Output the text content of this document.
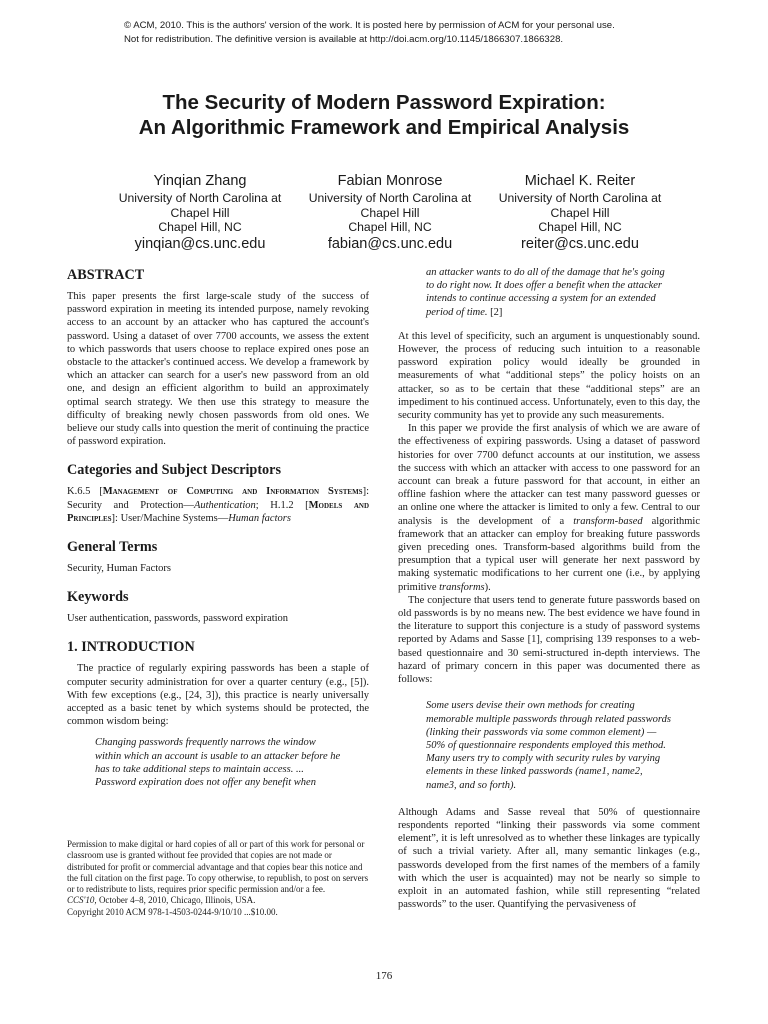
© ACM, 2010. This is the authors' version of the work. It is posted here by permission of ACM for your personal use.
Not for redistribution. The definitive version is available at http://doi.acm.org/10.1145/1866307.1866328.
The Security of Modern Password Expiration:
An Algorithmic Framework and Empirical Analysis
Yinqian Zhang
University of North Carolina at
Chapel Hill
Chapel Hill, NC
yinqian@cs.unc.edu
Fabian Monrose
University of North Carolina at
Chapel Hill
Chapel Hill, NC
fabian@cs.unc.edu
Michael K. Reiter
University of North Carolina at
Chapel Hill
Chapel Hill, NC
reiter@cs.unc.edu
ABSTRACT

This paper presents the first large-scale study of the success of password expiration in meeting its intended purpose, namely revoking access to an account by an attacker who has captured the account's password. Using a dataset of over 7700 accounts, we assess the extent to which passwords that users choose to replace expired ones pose an obstacle to the attacker's continued access. We develop a framework by which an attacker can search for a user's new password from an old one, and design an efficient algorithm to build an approximately optimal search strategy. We then use this strategy to measure the difficulty of breaking newly chosen passwords from old ones. We believe our study calls into question the merit of continuing the practice of password expiration.

Categories and Subject Descriptors

K.6.5 [Management of Computing and Information Systems]: Security and Protection—Authentication; H.1.2 [Models and Principles]: User/Machine Systems—Human factors

General Terms

Security, Human Factors

Keywords

User authentication, passwords, password expiration

1. INTRODUCTION

The practice of regularly expiring passwords has been a staple of computer security administration for over a quarter century (e.g., [5]). With few exceptions (e.g., [24, 3]), this practice is nearly universally accepted as a basic tenet by which systems should be protected, the common wisdom being:

Changing passwords frequently narrows the window within which an account is usable to an attacker before he has to take additional steps to maintain access. ... Password expiration does not offer any benefit when
Permission to make digital or hard copies of all or part of this work for personal or classroom use is granted without fee provided that copies are not made or distributed for profit or commercial advantage and that copies bear this notice and the full citation on the first page. To copy otherwise, to republish, to post on servers or to redistribute to lists, requires prior specific permission and/or a fee.
CCS'10, October 4–8, 2010, Chicago, Illinois, USA.
Copyright 2010 ACM 978-1-4503-0244-9/10/10 ...$10.00.
an attacker wants to do all of the damage that he's going to do right now. It does offer a benefit when the attacker intends to continue accessing a system for an extended period of time. [2]

At this level of specificity, such an argument is unquestionably sound. However, the process of reducing such intuition to a reasonable password expiration policy would ideally be grounded in measurements of what “additional steps” the policy hoists on an attacker, so as to be certain that these “additional steps” are an impediment to his continued access. Unfortunately, even to this day, the security community has yet to provide any such measurements.

In this paper we provide the first analysis of which we are aware of the effectiveness of expiring passwords. Using a dataset of password histories for over 7700 defunct accounts at our institution, we assess the success with which an attacker with access to one password for an account can break a future password for that account, in either an offline fashion where the attacker can test many password guesses or an online one where the attacker is limited to only a few. Central to our analysis is the development of a transform-based algorithmic framework that an attacker can employ for breaking future passwords given preceding ones. Transform-based algorithms build from the presumption that a typical user will generate her next password by making systematic modifications to her current one (i.e., by applying primitive transforms).

The conjecture that users tend to generate future passwords based on old passwords is by no means new. The best evidence we have found in the literature to support this conjecture is a study of password systems reported by Adams and Sasse [1], comprising 139 responses to a web-based questionnaire and 30 semi-structured in-depth interviews. The hazard of primary concern in this paper was documented there as follows:

Some users devise their own methods for creating memorable multiple passwords through related passwords (linking their passwords via some common element) — 50% of questionnaire respondents employed this method. Many users try to comply with security rules by varying elements in these linked passwords (name1, name2, name3, and so forth).

Although Adams and Sasse reveal that 50% of questionnaire respondents reported “linking their passwords via some comment element”, it is left unresolved as to whether these linkages are typically of such a trivial variety. After all, many semantic linkages (e.g., passwords developed from the first names of the members of a family with which the user is acquainted) may not be nearly so simple to exploit in an automated fashion, while still representing “related passwords” to the user. Quantifying the pervasiveness of

176
